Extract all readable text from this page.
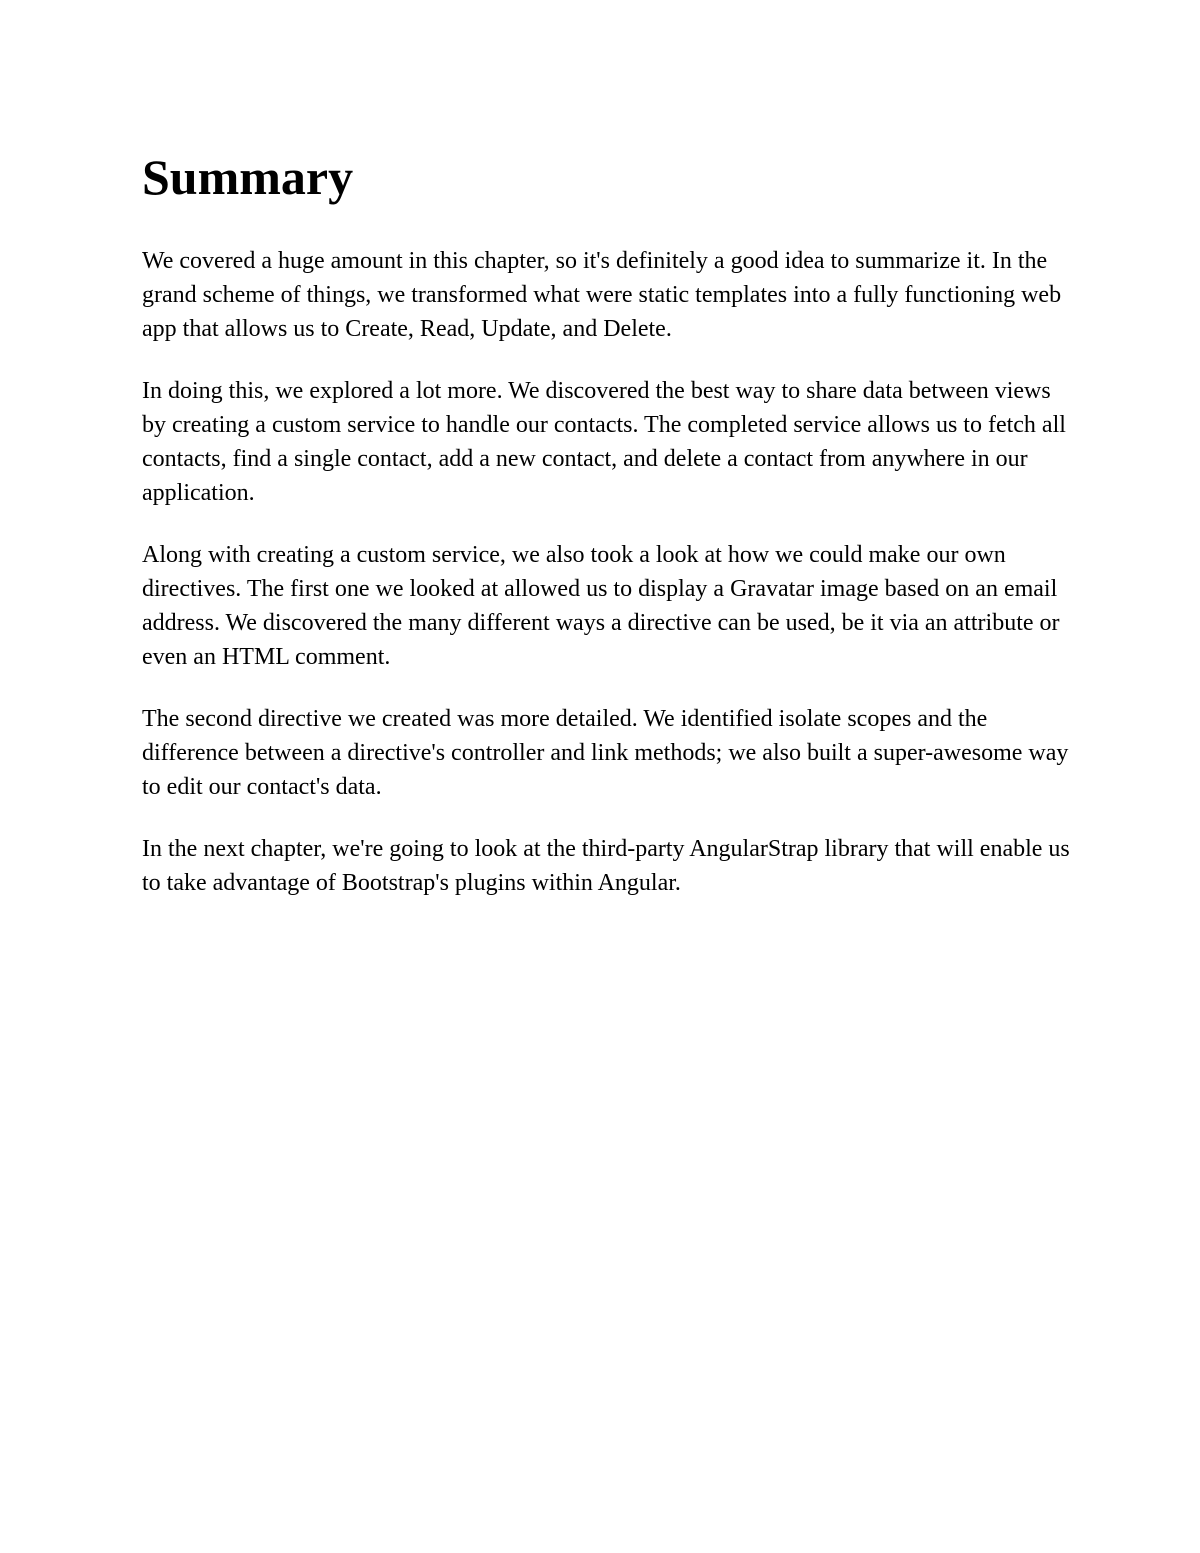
Summary

We covered a huge amount in this chapter, so it's definitely a good idea to summarize it. In the grand scheme of things, we transformed what were static templates into a fully functioning web app that allows us to Create, Read, Update, and Delete.

In doing this, we explored a lot more. We discovered the best way to share data between views by creating a custom service to handle our contacts. The completed service allows us to fetch all contacts, find a single contact, add a new contact, and delete a contact from anywhere in our application.

Along with creating a custom service, we also took a look at how we could make our own directives. The first one we looked at allowed us to display a Gravatar image based on an email address. We discovered the many different ways a directive can be used, be it via an attribute or even an HTML comment.

The second directive we created was more detailed. We identified isolate scopes and the difference between a directive's controller and link methods; we also built a super-awesome way to edit our contact's data.

In the next chapter, we're going to look at the third-party AngularStrap library that will enable us to take advantage of Bootstrap's plugins within Angular.
